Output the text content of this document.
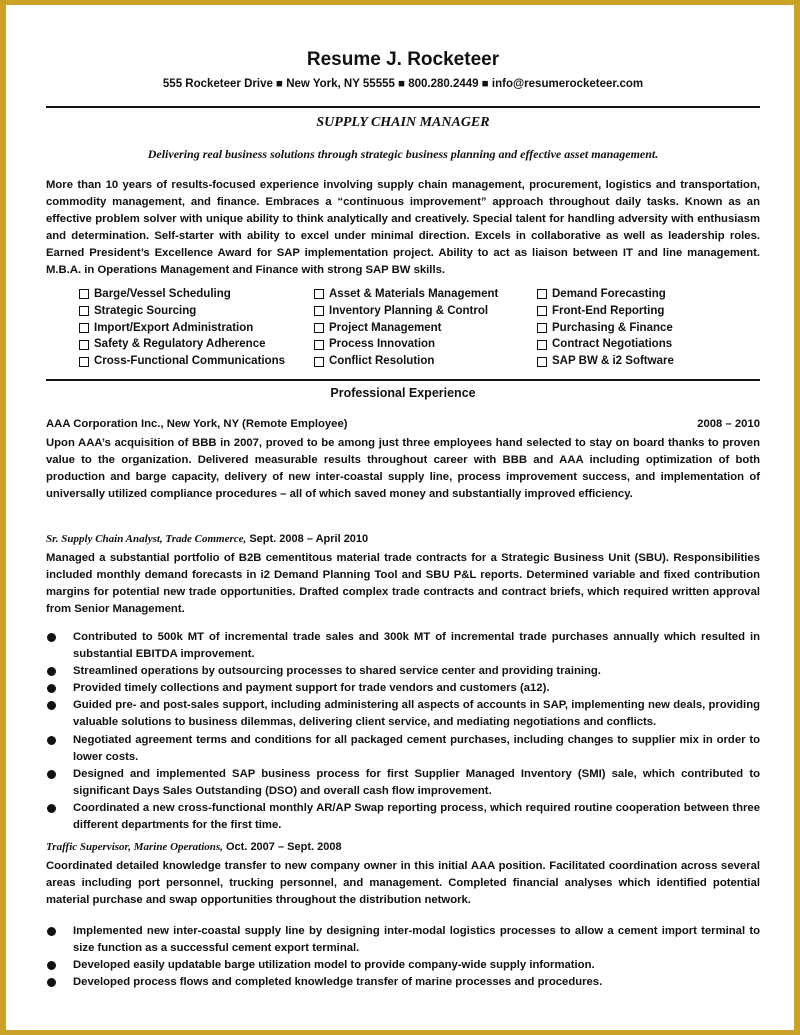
Resume J. Rocketeer
555 Rocketeer Drive ■ New York, NY 55555 ■ 800.280.2449 ■ info@resumerocketeer.com
SUPPLY CHAIN MANAGER
Delivering real business solutions through strategic business planning and effective asset management.

More than 10 years of results-focused experience involving supply chain management, procurement, logistics and transportation, commodity management, and finance. Embraces a “continuous improvement” approach throughout daily tasks. Known as an effective problem solver with unique ability to think analytically and creatively. Special talent for handling adversity with enthusiasm and determination. Self-starter with ability to excel under minimal direction. Excels in collaborative as well as leadership roles. Earned President’s Excellence Award for SAP implementation project. Ability to act as liaison between IT and line management. M.B.A. in Operations Management and Finance with strong SAP BW skills.

Barge/Vessel Scheduling
Strategic Sourcing
Import/Export Administration
Safety & Regulatory Adherence
Cross-Functional Communications
Asset & Materials Management
Inventory Planning & Control
Project Management
Process Innovation
Conflict Resolution
Demand Forecasting
Front-End Reporting
Purchasing & Finance
Contract Negotiations
SAP BW & i2 Software
Professional Experience
AAA Corporation Inc., New York, NY (Remote Employee)	2008 – 2010

Upon AAA’s acquisition of BBB in 2007, proved to be among just three employees hand selected to stay on board thanks to proven value to the organization. Delivered measurable results throughout career with BBB and AAA including optimization of both production and barge capacity, delivery of new inter-coastal supply line, process improvement success, and implementation of universally utilized compliance procedures – all of which saved money and substantially improved efficiency.

Sr. Supply Chain Analyst, Trade Commerce, Sept. 2008 – April 2010

Managed a substantial portfolio of B2B cementitous material trade contracts for a Strategic Business Unit (SBU). Responsibilities included monthly demand forecasts in i2 Demand Planning Tool and SBU P&L reports. Determined variable and fixed contribution margins for potential new trade opportunities. Drafted complex trade contracts and contract briefs, which required written approval from Senior Management.

Contributed to 500k MT of incremental trade sales and 300k MT of incremental trade purchases annually which resulted in substantial EBITDA improvement.
Streamlined operations by outsourcing processes to shared service center and providing training.
Provided timely collections and payment support for trade vendors and customers (a12).
Guided pre- and post-sales support, including administering all aspects of accounts in SAP, implementing new deals, providing valuable solutions to business dilemmas, delivering client service, and mediating negotiations and conflicts.
Negotiated agreement terms and conditions for all packaged cement purchases, including changes to supplier mix in order to lower costs.
Designed and implemented SAP business process for first Supplier Managed Inventory (SMI) sale, which contributed to significant Days Sales Outstanding (DSO) and overall cash flow improvement.
Coordinated a new cross-functional monthly AR/AP Swap reporting process, which required routine cooperation between three different departments for the first time.
Traffic Supervisor, Marine Operations, Oct. 2007 – Sept. 2008

Coordinated detailed knowledge transfer to new company owner in this initial AAA position. Facilitated coordination across several areas including port personnel, trucking personnel, and management. Completed financial analyses which identified potential material purchase and swap opportunities throughout the distribution network.

Implemented new inter-coastal supply line by designing inter-modal logistics processes to allow a cement import terminal to size function as a successful cement export terminal.
Developed easily updatable barge utilization model to provide company-wide supply information.
Developed process flows and completed knowledge transfer of marine processes and procedures.
